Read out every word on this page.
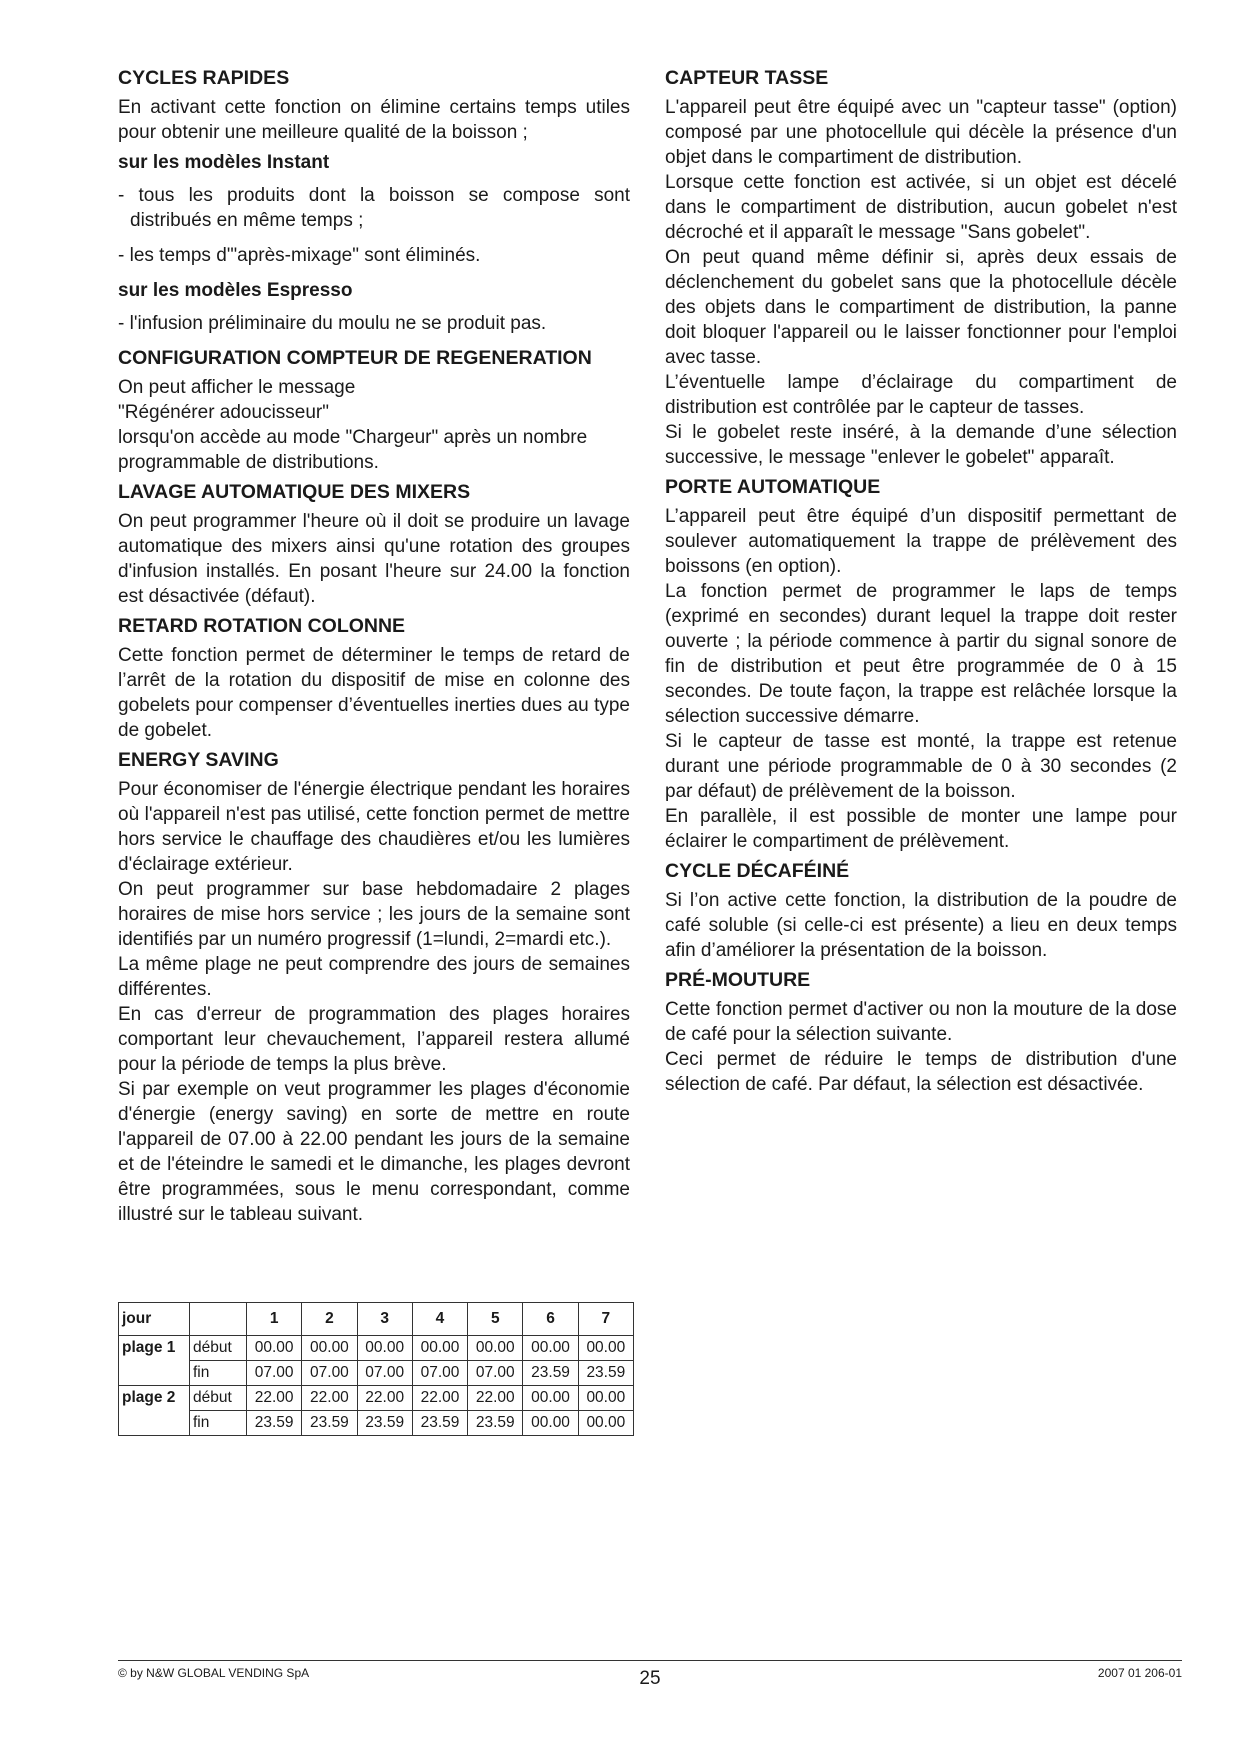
CYCLES RAPIDES
En activant cette fonction on élimine certains temps utiles pour obtenir une meilleure qualité de la boisson ;
sur les modèles Instant
- tous les produits dont la boisson se compose sont distribués en même temps ;
- les temps d'"après-mixage" sont éliminés.
sur les modèles Espresso
- l'infusion préliminaire du moulu ne se produit pas.
CONFIGURATION COMPTEUR DE REGENERATION
On peut afficher le message
"Régénérer adoucisseur"
lorsqu'on accède au mode "Chargeur" après un nombre programmable de distributions.
LAVAGE AUTOMATIQUE DES MIXERS
On peut programmer l'heure où il doit se produire un lavage automatique des mixers ainsi qu'une rotation des groupes d'infusion installés. En posant l'heure sur 24.00 la fonction est désactivée (défaut).
RETARD ROTATION COLONNE
Cette fonction permet de déterminer le temps de retard de l’arrêt de la rotation du dispositif de mise en colonne des gobelets pour compenser d’éventuelles inerties dues au type de gobelet.
ENERGY SAVING
Pour économiser de l'énergie électrique pendant les horaires où l'appareil n'est pas utilisé, cette fonction permet de mettre hors service le chauffage des chaudières et/ou les lumières d'éclairage extérieur.
On peut programmer sur base hebdomadaire 2 plages horaires de mise hors service ; les jours de la semaine sont identifiés par un numéro progressif (1=lundi, 2=mardi etc.).
La même plage ne peut comprendre des jours de semaines différentes.
En cas d'erreur de programmation des plages horaires comportant leur chevauchement, l’appareil restera allumé pour la période de temps la plus brève.
Si par exemple on veut programmer les plages d'économie d'énergie (energy saving) en sorte de mettre en route l'appareil de 07.00 à 22.00 pendant les jours de la semaine et de l'éteindre le samedi et le dimanche, les plages devront être programmées, sous le menu correspondant, comme illustré sur le tableau suivant.
CAPTEUR TASSE
L'appareil peut être équipé avec un "capteur tasse" (option) composé par une photocellule qui décèle la présence d'un objet dans le compartiment de distribution.
Lorsque cette fonction est activée, si un objet est décelé dans le compartiment de distribution, aucun gobelet n'est décroché et il apparaît le message "Sans gobelet".
On peut quand même définir si, après deux essais de déclenchement du gobelet sans que la photocellule décèle des objets dans le compartiment de distribution, la panne doit bloquer l'appareil ou le laisser fonctionner pour l'emploi avec tasse.
L’éventuelle lampe d’éclairage du compartiment de distribution est contrôlée par le capteur de tasses.
Si le gobelet reste inséré, à la demande d’une sélection successive, le message "enlever le gobelet" apparaît.
PORTE AUTOMATIQUE
L’appareil peut être équipé d’un dispositif permettant de soulever automatiquement la trappe de prélèvement des boissons (en option).
La fonction permet de programmer le laps de temps (exprimé en secondes) durant lequel la trappe doit rester ouverte ; la période commence à partir du signal sonore de fin de distribution et peut être programmée de 0 à 15 secondes. De toute façon, la trappe est relâchée lorsque la sélection successive démarre.
Si le capteur de tasse est monté, la trappe est retenue durant une période programmable de 0 à 30 secondes (2 par défaut) de prélèvement de la boisson.
En parallèle, il est possible de monter une lampe pour éclairer le compartiment de prélèvement.
CYCLE DÉCAFÉINÉ
Si l’on active cette fonction, la distribution de la poudre de café soluble (si celle-ci est présente) a lieu en deux temps afin d’améliorer la présentation de la boisson.
PRÉ-MOUTURE
Cette fonction permet d'activer ou non la mouture de la dose de café pour la sélection suivante.
Ceci permet de réduire le temps de distribution d'une sélection de café. Par défaut, la sélection est désactivée.
jour		1	2	3	4	5	6	7
plage 1	début	00.00	00.00	00.00	00.00	00.00	00.00	00.00
	fin	07.00	07.00	07.00	07.00	07.00	23.59	23.59
plage 2	début	22.00	22.00	22.00	22.00	22.00	00.00	00.00
	fin	23.59	23.59	23.59	23.59	23.59	00.00	00.00
© by N&W GLOBAL VENDING SpA	25	2007 01 206-01
